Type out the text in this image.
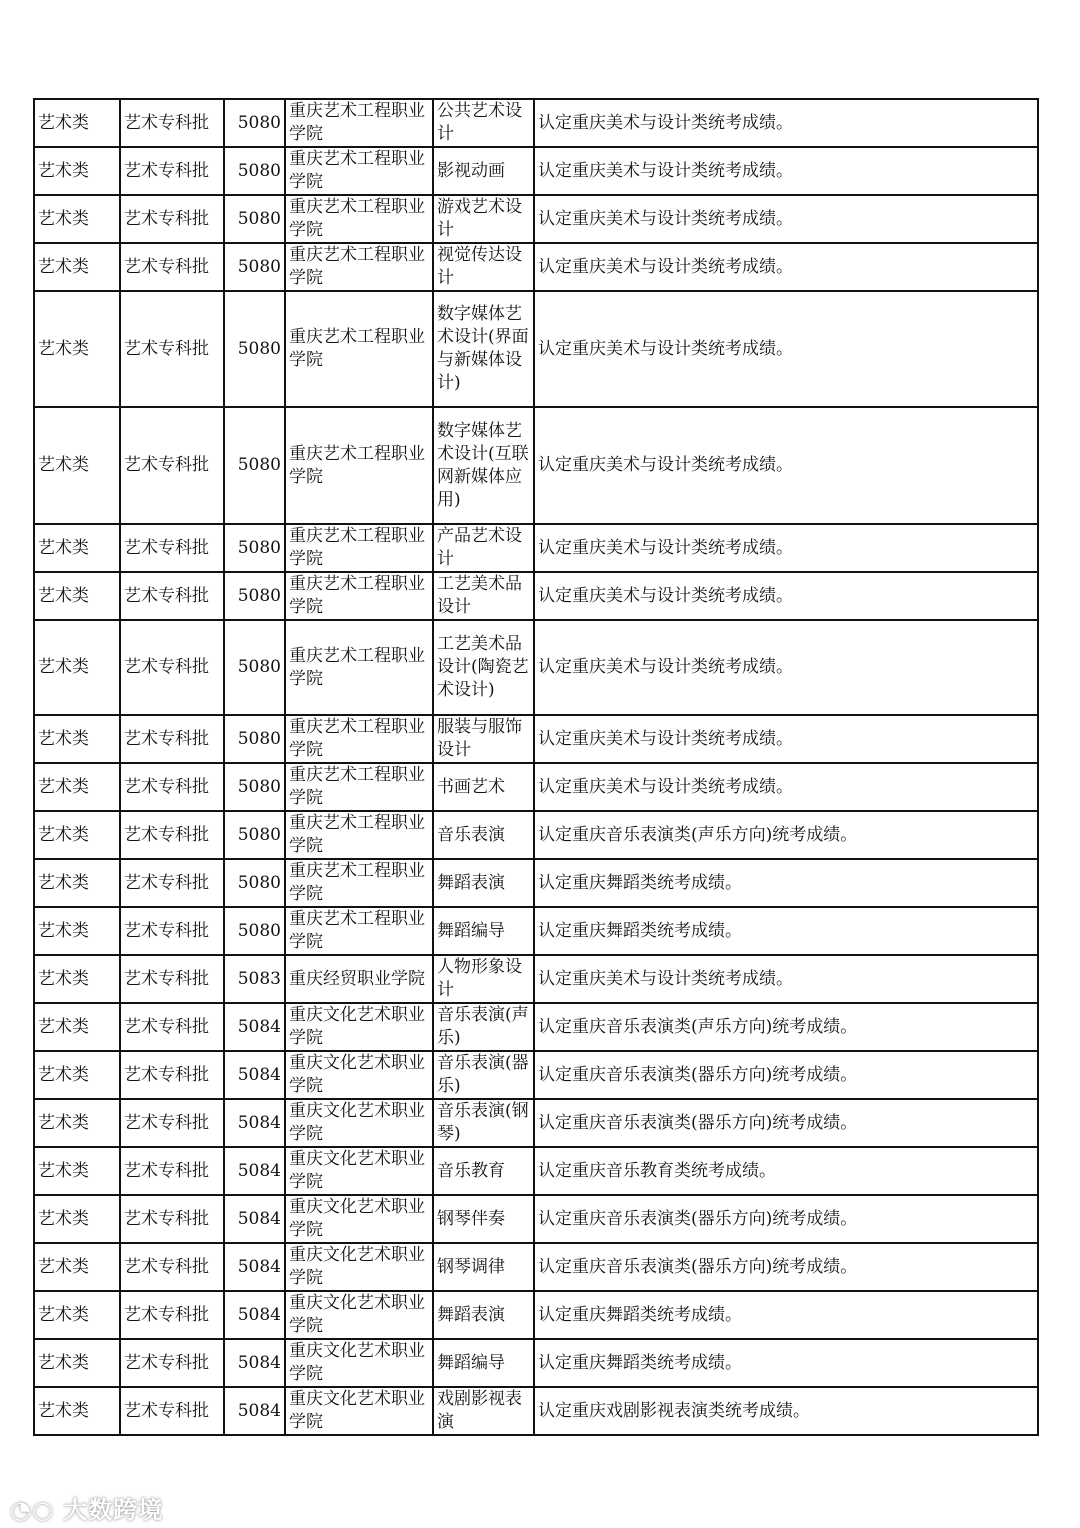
艺术类	艺术专科批	5080	重庆艺术工程职业学院	公共艺术设计	认定重庆美术与设计类统考成绩。
艺术类	艺术专科批	5080	重庆艺术工程职业学院	影视动画	认定重庆美术与设计类统考成绩。
艺术类	艺术专科批	5080	重庆艺术工程职业学院	游戏艺术设计	认定重庆美术与设计类统考成绩。
艺术类	艺术专科批	5080	重庆艺术工程职业学院	视觉传达设计	认定重庆美术与设计类统考成绩。
艺术类	艺术专科批	5080	重庆艺术工程职业学院	数字媒体艺术设计(界面与新媒体设计)	认定重庆美术与设计类统考成绩。
艺术类	艺术专科批	5080	重庆艺术工程职业学院	数字媒体艺术设计(互联网新媒体应用)	认定重庆美术与设计类统考成绩。
艺术类	艺术专科批	5080	重庆艺术工程职业学院	产品艺术设计	认定重庆美术与设计类统考成绩。
艺术类	艺术专科批	5080	重庆艺术工程职业学院	工艺美术品设计	认定重庆美术与设计类统考成绩。
艺术类	艺术专科批	5080	重庆艺术工程职业学院	工艺美术品设计(陶瓷艺术设计)	认定重庆美术与设计类统考成绩。
艺术类	艺术专科批	5080	重庆艺术工程职业学院	服装与服饰设计	认定重庆美术与设计类统考成绩。
艺术类	艺术专科批	5080	重庆艺术工程职业学院	书画艺术	认定重庆美术与设计类统考成绩。
艺术类	艺术专科批	5080	重庆艺术工程职业学院	音乐表演	认定重庆音乐表演类(声乐方向)统考成绩。
艺术类	艺术专科批	5080	重庆艺术工程职业学院	舞蹈表演	认定重庆舞蹈类统考成绩。
艺术类	艺术专科批	5080	重庆艺术工程职业学院	舞蹈编导	认定重庆舞蹈类统考成绩。
艺术类	艺术专科批	5083	重庆经贸职业学院	人物形象设计	认定重庆美术与设计类统考成绩。
艺术类	艺术专科批	5084	重庆文化艺术职业学院	音乐表演(声乐)	认定重庆音乐表演类(声乐方向)统考成绩。
艺术类	艺术专科批	5084	重庆文化艺术职业学院	音乐表演(器乐)	认定重庆音乐表演类(器乐方向)统考成绩。
艺术类	艺术专科批	5084	重庆文化艺术职业学院	音乐表演(钢琴)	认定重庆音乐表演类(器乐方向)统考成绩。
艺术类	艺术专科批	5084	重庆文化艺术职业学院	音乐教育	认定重庆音乐教育类统考成绩。
艺术类	艺术专科批	5084	重庆文化艺术职业学院	钢琴伴奏	认定重庆音乐表演类(器乐方向)统考成绩。
艺术类	艺术专科批	5084	重庆文化艺术职业学院	钢琴调律	认定重庆音乐表演类(器乐方向)统考成绩。
艺术类	艺术专科批	5084	重庆文化艺术职业学院	舞蹈表演	认定重庆舞蹈类统考成绩。
艺术类	艺术专科批	5084	重庆文化艺术职业学院	舞蹈编导	认定重庆舞蹈类统考成绩。
艺术类	艺术专科批	5084	重庆文化艺术职业学院	戏剧影视表演	认定重庆戏剧影视表演类统考成绩。
◔○ 大数跨境
